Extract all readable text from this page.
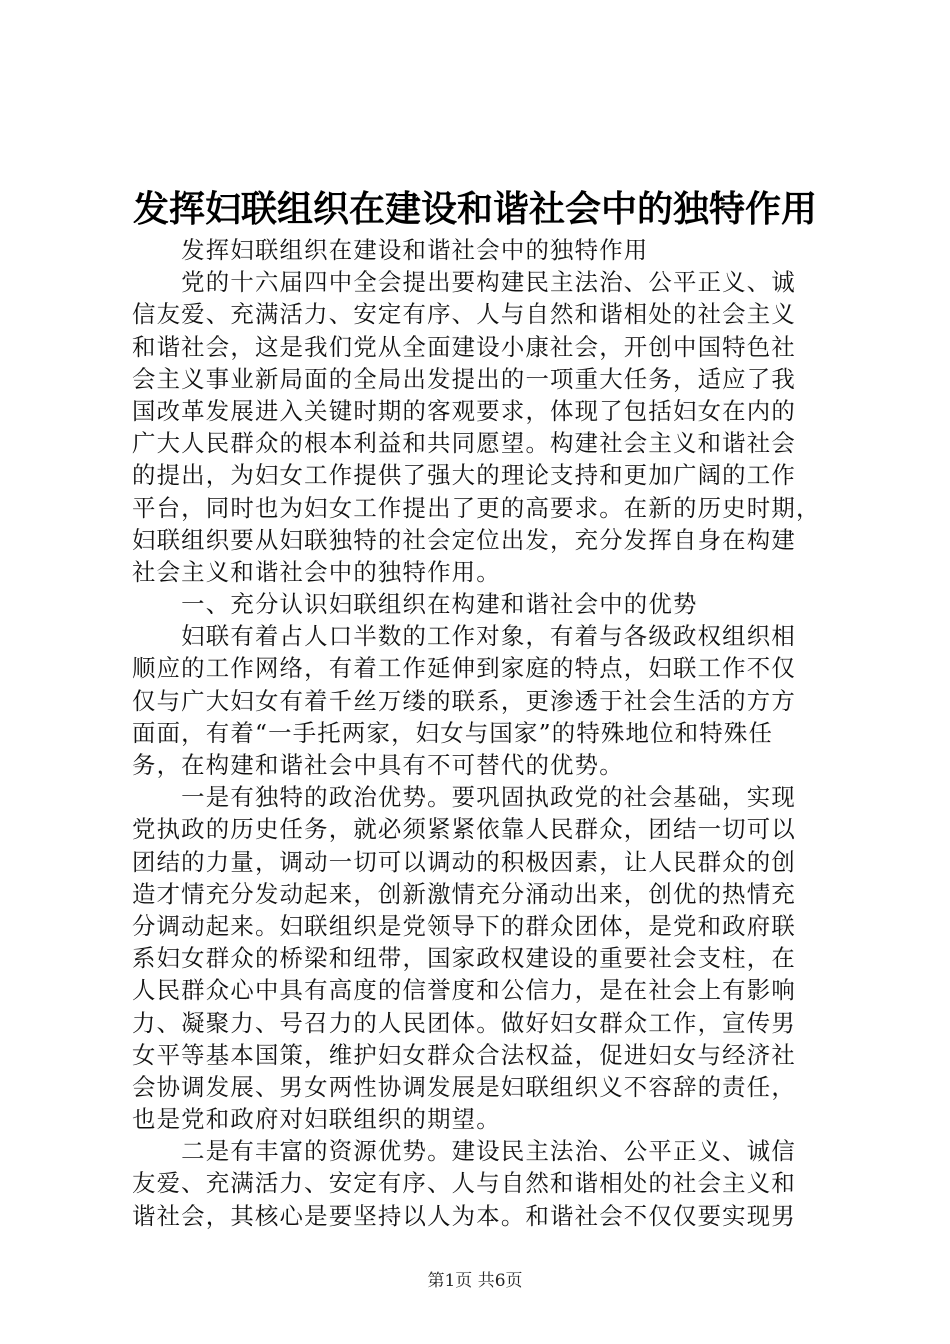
发挥妇联组织在建设和谐社会中的独特作用
　　发挥妇联组织在建设和谐社会中的独特作用
　　党的十六届四中全会提出要构建民主法治、公平正义、诚
信友爱、充满活力、安定有序、人与自然和谐相处的社会主义
和谐社会，这是我们党从全面建设小康社会，开创中国特色社
会主义事业新局面的全局出发提出的一项重大任务，适应了我
国改革发展进入关键时期的客观要求，体现了包括妇女在内的
广大人民群众的根本利益和共同愿望。构建社会主义和谐社会
的提出，为妇女工作提供了强大的理论支持和更加广阔的工作
平台，同时也为妇女工作提出了更的高要求。在新的历史时期，
妇联组织要从妇联独特的社会定位出发，充分发挥自身在构建
社会主义和谐社会中的独特作用。
　　一、充分认识妇联组织在构建和谐社会中的优势
　　妇联有着占人口半数的工作对象，有着与各级政权组织相
顺应的工作网络，有着工作延伸到家庭的特点，妇联工作不仅
仅与广大妇女有着千丝万缕的联系，更渗透于社会生活的方方
面面，有着“一手托两家，妇女与国家”的特殊地位和特殊任
务，在构建和谐社会中具有不可替代的优势。
　　一是有独特的政治优势。要巩固执政党的社会基础，实现
党执政的历史任务，就必须紧紧依靠人民群众，团结一切可以
团结的力量，调动一切可以调动的积极因素，让人民群众的创
造才情充分发动起来，创新激情充分涌动出来，创优的热情充
分调动起来。妇联组织是党领导下的群众团体，是党和政府联
系妇女群众的桥梁和纽带，国家政权建设的重要社会支柱，在
人民群众心中具有高度的信誉度和公信力，是在社会上有影响
力、凝聚力、号召力的人民团体。做好妇女群众工作，宣传男
女平等基本国策，维护妇女群众合法权益，促进妇女与经济社
会协调发展、男女两性协调发展是妇联组织义不容辞的责任，
也是党和政府对妇联组织的期望。
　　二是有丰富的资源优势。建设民主法治、公平正义、诚信
友爱、充满活力、安定有序、人与自然和谐相处的社会主义和
谐社会，其核心是要坚持以人为本。和谐社会不仅仅要实现男
第1页 共6页
